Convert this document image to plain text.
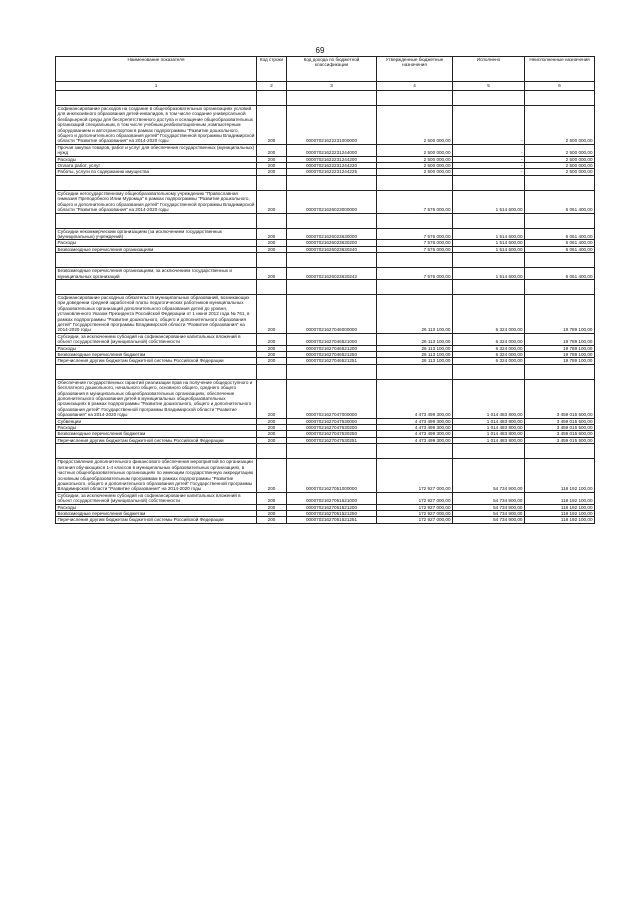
69
Наименование показателя	Код строки	Код дохода по бюджетной классификации	Утвержденные бюджетные назначения	Исполнено	Неисполненные назначения
1	2	3	4	5	6

Софинансирование расходов на создание в общеобразовательных организациях условий для инклюзивного образования детей-инвалидов, в том числе создание универсальной безбарьерной среды для беспрепятственного доступа и оснащение общеобразовательных организаций специальным, в том числе учебным,реабилитационным ,компьютерным оборудованием и автотранспортом в рамках подпрограммы "Развитие дошкольного, общего и дополнительного образования детей" Государственной программы Владимирской области "Развитие образования" на 2014-2020 годы	200	00007021622231000000	2 500 000,00	-	2 500 000,00
Прочая закупка товаров, работ и услуг для обеспечения государственных (муниципальных) нужд	200	00007021622231244000	2 500 000,00	-	2 500 000,00
Расходы	200	00007021622231244200	2 500 000,00	-	2 500 000,00
Оплата работ, услуг	200	00007021622231244220	2 500 000,00	-	2 500 000,00
Работы, услуги по содержанию имущества	200	00007021622231244225	2 500 000,00	-	2 500 000,00

Субсидии негосударственному общеобразовательному учреждению "Православная гимназия Преподобного Илии Муромца" в рамках подпрограммы "Развитие дошкольного, общего и дополнительного образования детей" Государственной программы Владимирской области "Развитие образования" на 2014-2020 годы	200	00007021626023000000	7 576 000,00	1 514 600,00	6 061 400,00

Субсидии некоммерческим организациям (за исключением государственных (муниципальных) учреждений)	200	00007021626023630000	7 576 000,00	1 514 600,00	6 061 400,00
Расходы	200	00007021626023630200	7 576 000,00	1 514 600,00	6 061 400,00
Безвозмездные перечисления организациям	200	00007021626023630240	7 576 000,00	1 514 600,00	6 061 400,00

Безвозмездные перечисления организациям, за исключением государственных и муниципальных организаций	200	00007021626023630242	7 576 000,00	1 514 600,00	6 061 400,00

Софинансирование расходных обязательств муниципальных образований, возникающих при доведении средней заработной платы педагогических работников муниципальных образовательных организаций дополнительного образования детей до уровня, установленного Указом Президента Российской Федерации от 1 июня 2012 года № 761, в рамках подпрограммы "Развитие дошкольного, общего и дополнительного образования детей" Государственной программы Владимирской области "Развитие образования" на 2014-2020 годы	200	00007021627046000000	26 113 100,00	6 324 000,00	19 789 100,00
Субсидии, за исключением субсидий на софинансирование капитальных вложений в объект государственной (муниципальной) собственности	200	00007021627046521000	26 113 100,00	6 324 000,00	19 789 100,00
Расходы	200	00007021627046521200	26 113 100,00	6 324 000,00	19 789 100,00
Безвозмездные перечисления бюджетам	200	00007021627046521250	26 113 100,00	6 324 000,00	19 789 100,00
Перечисления другим бюджетам бюджетной системы Российской Федерации	200	00007021627046521251	26 113 100,00	6 324 000,00	19 789 100,00

Обеспечение государственных гарантий реализации прав на получение общедоступного и бесплатного дошкольного, начального общего, основного общего, среднего общего образования в муниципальных общеобразовательных организациях, обеспечение дополнительного образования детей в муниципальных общеобразовательных организациях в рамках подпрограммы "Развитие дошкольного, общего и дополнительного образования детей" Государственной программы Владимирской области "Развитие образования" на 2014-2020 годы	200	00007021627047000000	4 473 499 300,00	1 014 483 800,00	3 459 015 500,00
Субвенции	200	00007021627047530000	4 473 499 300,00	1 014 483 800,00	3 459 015 500,00
Расходы	200	00007021627047530200	4 473 499 300,00	1 014 483 800,00	3 459 015 500,00
Безвозмездные перечисления бюджетам	200	00007021627047530250	4 473 499 300,00	1 014 483 800,00	3 459 015 500,00
Перечисления другим бюджетам бюджетной системы Российской Федерации	200	00007021627047530251	4 473 499 300,00	1 014 483 800,00	3 459 015 500,00

Предоставление дополнительного финансового обеспечения мероприятий по организации питания обучающихся 1-4 классов в муниципальных образовательных организациях, в частных общеобразовательных организациях по имеющим государственную аккредитацию основным общеобразовательным программам в рамках подпрограммы "Развитие дошкольного, общего и дополнительного образования детей" Государственной программы Владимирской области "Развитие образования" на 2014-2020 годы	200	00007021627051000000	172 927 000,00	54 734 900,00	118 192 100,00
Субсидии, за исключением субсидий на софинансирование капитальных вложений в объект государственной (муниципальной) собственности	200	00007021627051521000	172 927 000,00	54 734 900,00	118 192 100,00
Расходы	200	00007021627051521200	172 927 000,00	54 734 900,00	118 192 100,00
Безвозмездные перечисления бюджетам	200	00007021627051521250	172 927 000,00	54 734 900,00	118 192 100,00
Перечисления другим бюджетам бюджетной системы Российской Федерации	200	00007021627051521251	172 927 000,00	54 734 900,00	118 192 100,00
